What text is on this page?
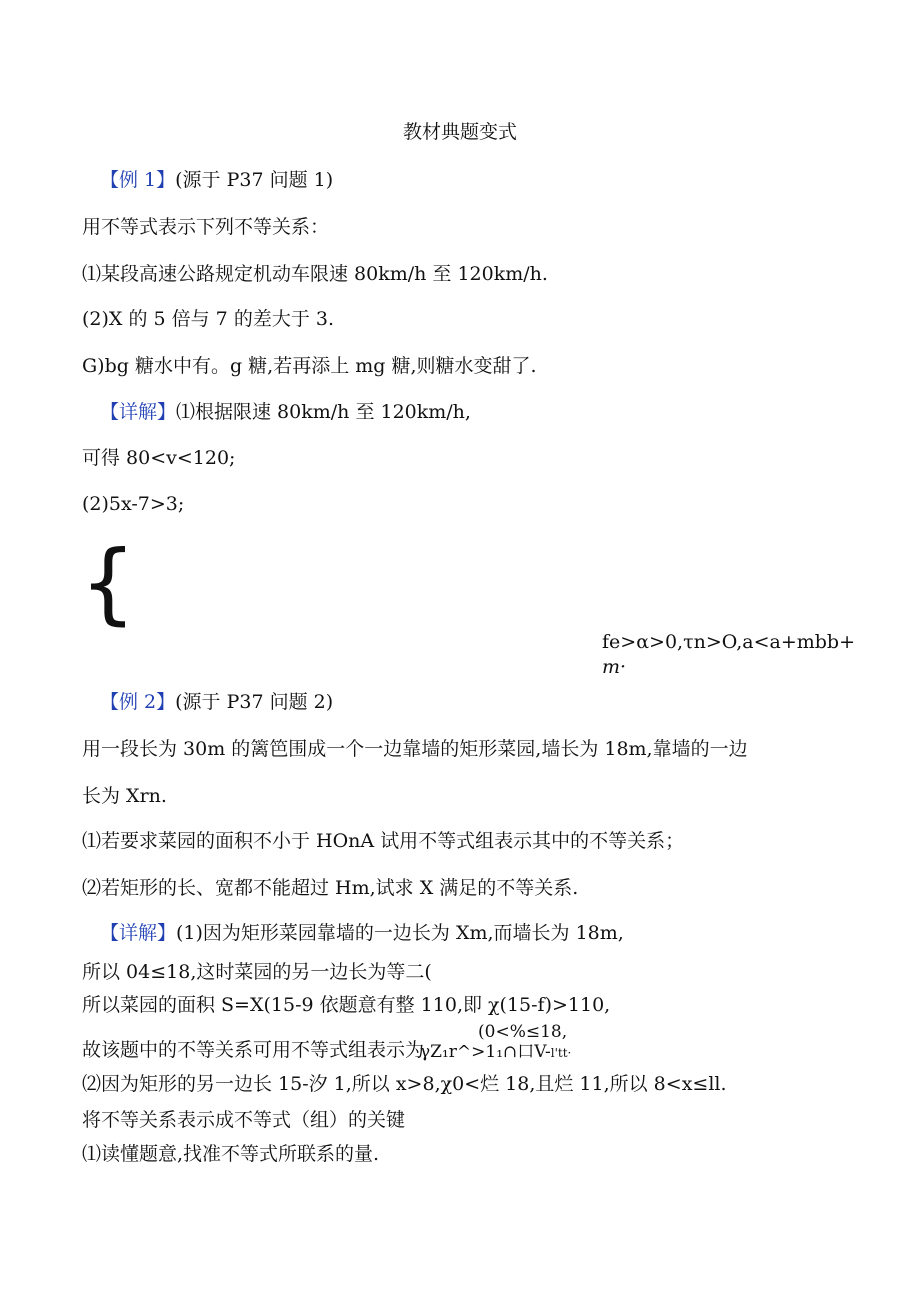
教材典题变式
【例 1】(源于 P37 问题 1)
用不等式表示下列不等关系：
⑴某段高速公路规定机动车限速 80km/h 至 120km/h.
(2)X 的 5 倍与 7 的差大于 3.
G)bg 糖水中有。g 糖,若再添上 mg 糖,则糖水变甜了.
【详解】⑴根据限速 80km/h 至 120km/h,
可得 80<v<120;
(2)5x-7>3;
{
fe>α>0,τn>O,a<a+mbb+
m·
【例 2】(源于 P37 问题 2)
用一段长为 30m 的篱笆围成一个一边靠墙的矩形菜园,墙长为 18m,靠墙的一边
长为 Xrn.
⑴若要求菜园的面积不小于 HOnA 试用不等式组表示其中的不等关系；
⑵若矩形的长、宽都不能超过 Hm,试求 X 满足的不等关系.
【详解】(1)因为矩形菜园靠墙的一边长为 Xm,而墙长为 18m,
所以 04≤18,这时菜园的另一边长为等二(
所以菜园的面积 S=X(15-9 依题意有整 110,即 χ(15-f)>110,
故该题中的不等关系可用不等式组表示为
(0<%≤18,
γZ₁r^>1₁∩口V-l'tt·
⑵因为矩形的另一边长 15-汐 1,所以 x>8,χ0<烂 18,且烂 11,所以 8<x≤ll.
将不等关系表示成不等式（组）的关键
⑴读懂题意,找准不等式所联系的量.
